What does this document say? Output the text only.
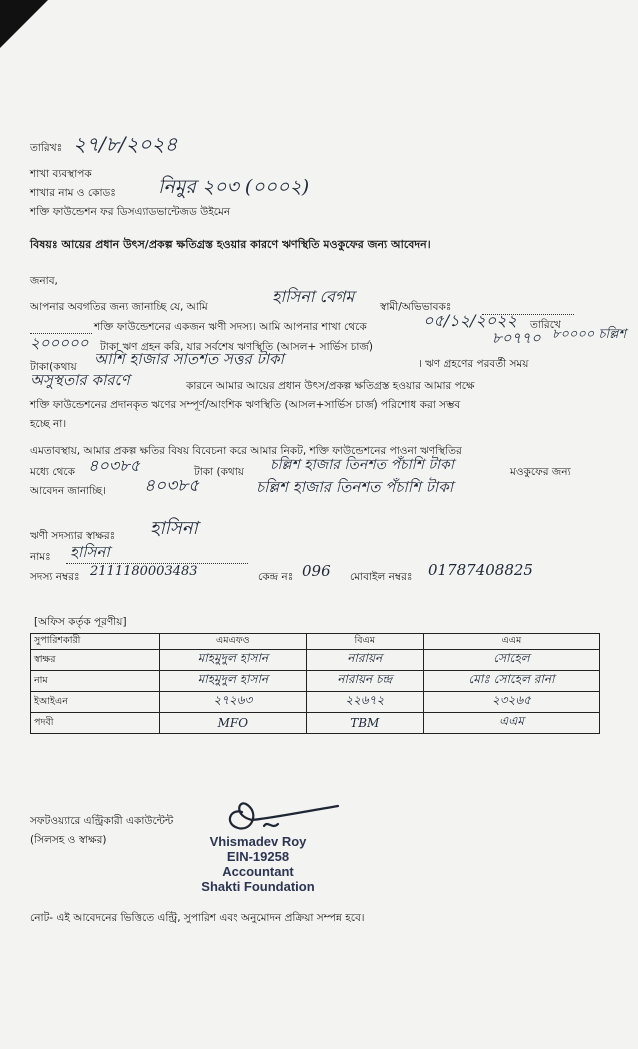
তারিখঃ ২৭/৮/২০২৪
শাখা ব্যবস্থাপক
শাখার নাম ও কোডঃ নিমুর ২০৩ (০০০২)
শক্তি ফাউন্ডেশন ফর ডিসএ্যাডভান্টেজড উইমেন
বিষয়ঃ আয়ের প্রধান উৎস/প্রকল্প ক্ষতিগ্রস্ত হওয়ার কারণে ঋণস্থিতি মওকুফের জন্য আবেদন।
জনাব,
আপনার অবগতির জন্য জানাচ্ছি যে, আমি
হাসিনা বেগম
স্বামী/অভিভাবকঃ
শক্তি ফাউন্ডেশনের একজন ঋণী সদস্য। আমি আপনার শাখা থেকে	০৫/১২/২০২২ তারিখে
২০০০০০ টাকা ঋণ গ্রহন করি, যার সর্বশেষ ঋণস্থিতি (আসল+ সার্ভিস চার্জ)	৮০৭৭০ ৮০০০০ চল্লিশ
টাকা(কথায় আশি হাজার সাতশত সত্তর টাকা	। ঋণ গ্রহণের পরবর্তী সময়
অসুস্থতার কারণে	কারনে আমার আয়ের প্রধান উৎস/প্রকল্প ক্ষতিগ্রস্ত হওয়ার আমার পক্ষে
শক্তি ফাউন্ডেশনের প্রদানকৃত ঋণের সম্পূর্ণ/আংশিক ঋণস্থিতি (আসল+সার্ভিস চার্জ) পরিশোধ করা সম্ভব
হচ্ছে না।
এমতাবস্থায়, আমার প্রকল্প ক্ষতির বিষয় বিবেচনা করে আমার নিকট, শক্তি ফাউন্ডেশনের পাওনা ঋণস্থিতির
মধ্যে থেকে ৪০৩৮৫	টাকা (কথায় চল্লিশ হাজার তিনশত পঁচাশি টাকা	মওকুফের জন্য
আবেদন জানাচ্ছি। ৪০৩৮৫	চল্লিশ হাজার তিনশত পঁচাশি টাকা
ঋণী সদস্যার স্বাক্ষরঃ হাসিনা
নামঃ হাসিনা
সদস্য নম্বরঃ 2111180003483	কেন্দ্র নঃ 096 মোবাইল নম্বরঃ 01787408825
[অফিস কর্তৃক পূরণীয়]
সুপারিশকারী	এমএফও	বিএম	এএম
স্বাক্ষর	মাহমুদুল হাসান	নারায়ন	সোহেল
নাম	মাহমুদুল হাসান	নারায়ন চন্দ্র	মোঃ সোহেল রানা
ইআইএন	২৭২৬৩	২২৬৭২	২৩২৬৫
পদবী	MFO	TBM	এএম
সফটওয়্যারে এন্ট্রিকারী একাউন্টেন্ট
(সিলসহ ও স্বাক্ষর)	Vhismadev Roy
EIN-19258
Accountant
Shakti Foundation
নোট- এই আবেদনের ভিত্তিতে এন্ট্রি, সুপারিশ এবং অনুমোদন প্রক্রিয়া সম্পন্ন হবে।
